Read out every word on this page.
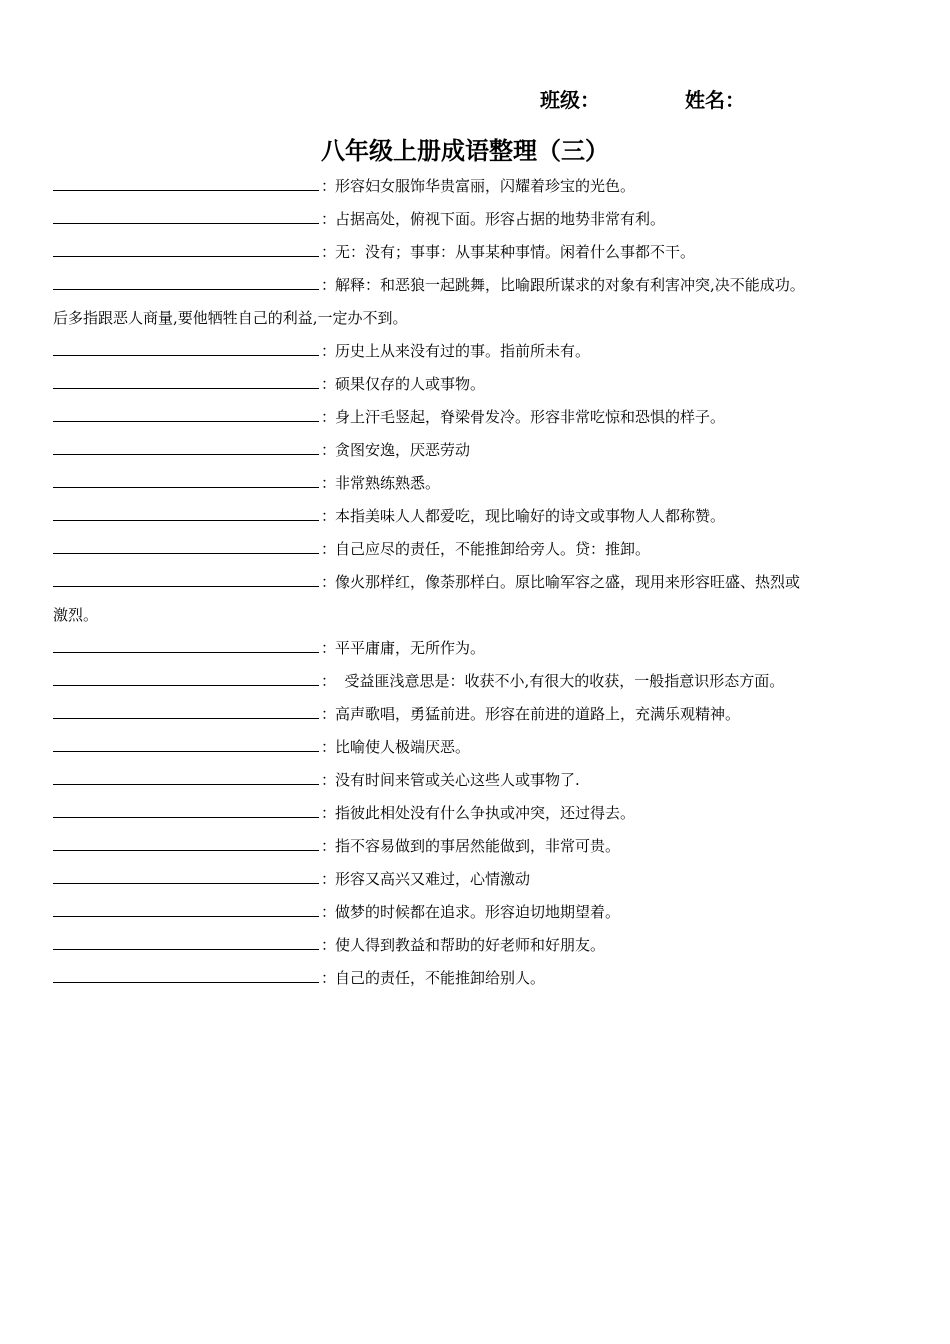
班级：	姓名：
八年级上册成语整理（三）
：形容妇女服饰华贵富丽，闪耀着珍宝的光色。
：占据高处，俯视下面。形容占据的地势非常有利。
：无：没有；事事：从事某种事情。闲着什么事都不干。
：解释：和恶狼一起跳舞，比喻跟所谋求的对象有利害冲突,决不能成功。
后多指跟恶人商量,要他牺牲自己的利益,一定办不到。
：历史上从来没有过的事。指前所未有。
：硕果仅存的人或事物。
：身上汗毛竖起，脊梁骨发冷。形容非常吃惊和恐惧的样子。
：贪图安逸，厌恶劳动
：非常熟练熟悉。
：本指美味人人都爱吃，现比喻好的诗文或事物人人都称赞。
：自己应尽的责任，不能推卸给旁人。贷：推卸。
：像火那样红，像荼那样白。原比喻军容之盛，现用来形容旺盛、热烈或
激烈。
：平平庸庸，无所作为。
：  受益匪浅意思是：收获不小,有很大的收获，一般指意识形态方面。
：高声歌唱，勇猛前进。形容在前进的道路上，充满乐观精神。
：比喻使人极端厌恶。
：没有时间来管或关心这些人或事物了.
：指彼此相处没有什么争执或冲突，还过得去。
：指不容易做到的事居然能做到，非常可贵。
：形容又高兴又难过，心情激动
：做梦的时候都在追求。形容迫切地期望着。
：使人得到教益和帮助的好老师和好朋友。
：自己的责任，不能推卸给别人。
